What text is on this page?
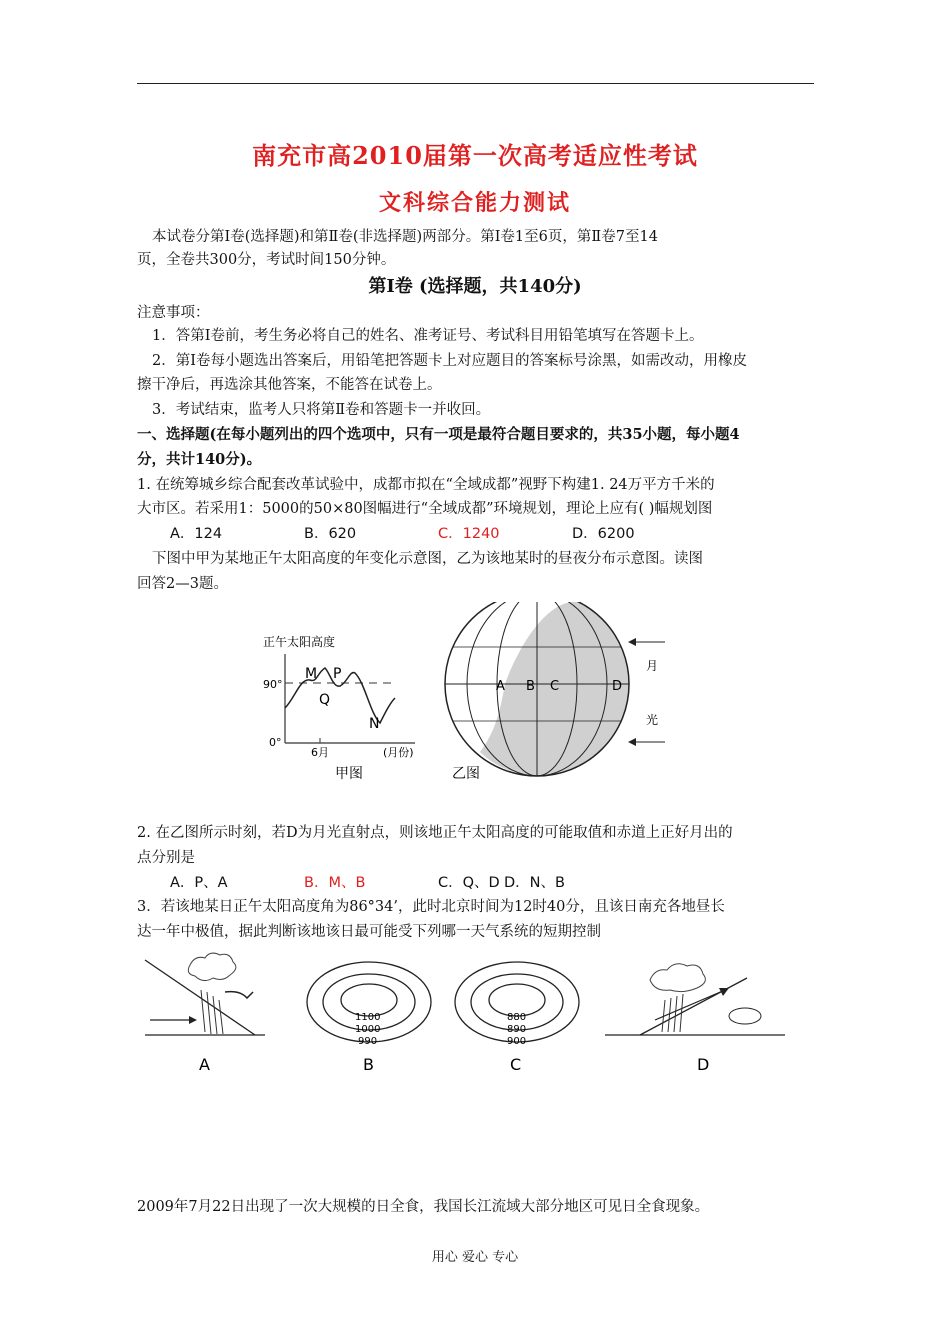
南充市高2010届第一次高考适应性考试
文科综合能力测试
本试卷分第Ⅰ卷(选择题)和第Ⅱ卷(非选择题)两部分。第Ⅰ卷1至6页，第Ⅱ卷7至14
页，全卷共300分，考试时间150分钟。
第Ⅰ卷 (选择题，共140分)
注意事项：
1．答第Ⅰ卷前，考生务必将自己的姓名、准考证号、考试科目用铅笔填写在答题卡上。
2．第Ⅰ卷每小题选出答案后，用铅笔把答题卡上对应题目的答案标号涂黑，如需改动，用橡皮
擦干净后，再选涂其他答案，不能答在试卷上。
3．考试结束，监考人只将第Ⅱ卷和答题卡一并收回。
一、选择题(在每小题列出的四个选项中，只有一项是最符合题目要求的，共35小题，每小题4
分，共计140分)。
1. 在统筹城乡综合配套改革试验中，成都市拟在“全域成都”视野下构建1. 24万平方千米的
大市区。若采用1：5000的50×80图幅进行“全域成都”环境规划，理论上应有( )幅规划图
A．124	B．620	C．1240	D．6200
下图中甲为某地正午太阳高度的年变化示意图，乙为该地某时的昼夜分布示意图。读图
回答2—3题。
正午太阳高度
90°
0°
6月	(月份)
M P
Q
N
甲图
A B C	D
月
光
乙图
2. 在乙图所示时刻，若D为月光直射点，则该地正午太阳高度的可能取值和赤道上正好月出的
点分别是
A．P、A	B．M、B	C．Q、D D．N、B
3．若该地某日正午太阳高度角为86°34’，此时北京时间为12时40分，且该日南充各地昼长
达一年中极值，据此判断该地该日最可能受下列哪一天气系统的短期控制
A
1100
1000
990
B
880
890
900
C	D
2009年7月22日出现了一次大规模的日全食，我国长江流域大部分地区可见日全食现象。
用心 爱心 专心
